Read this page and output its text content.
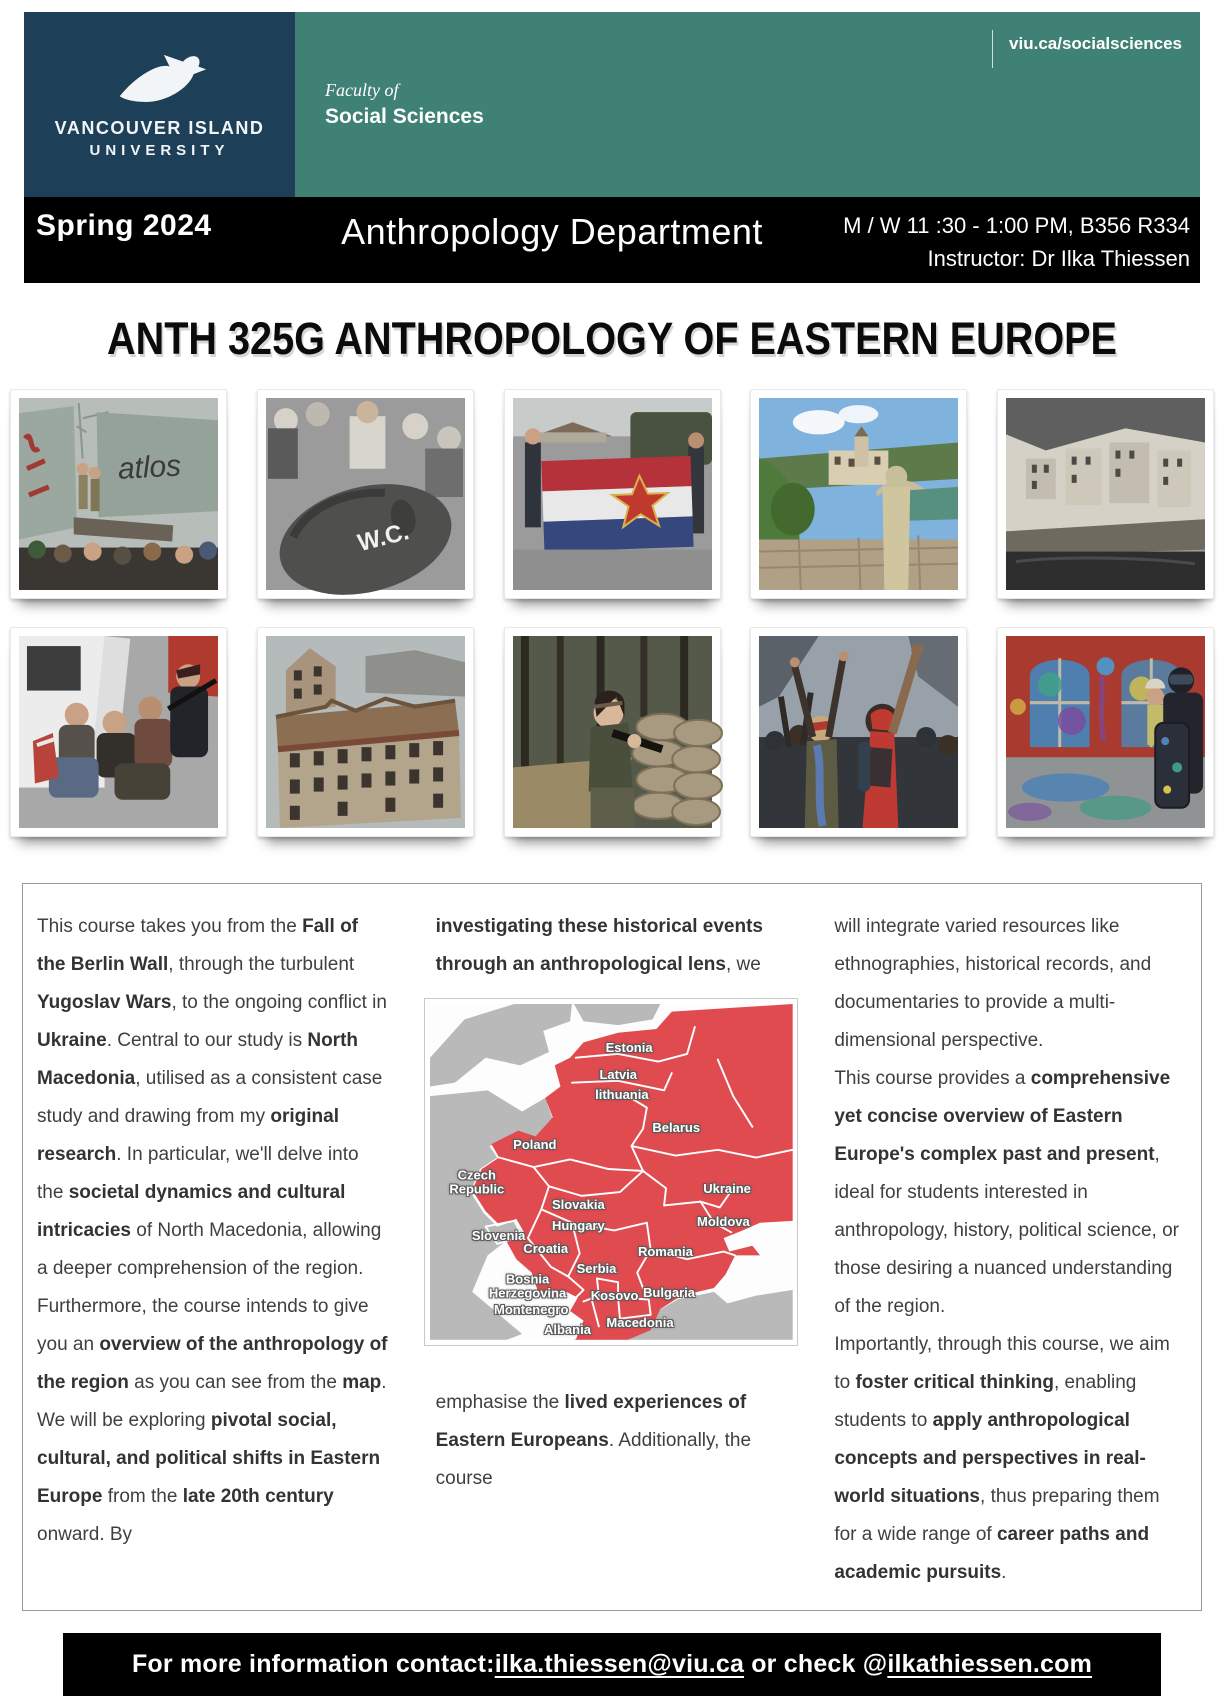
VANCOUVER ISLAND
UNIVERSITY
Faculty of
Social Sciences
viu.ca/socialsciences
Spring 2024	Anthropology Department	M / W 11 :30 - 1:00 PM, B356 R334
Instructor: Dr Ilka Thiessen
ANTH 325G ANTHROPOLOGY OF EASTERN EUROPE
atlos
W.C.
This course takes you from the Fall of the Berlin Wall, through the turbulent Yugoslav Wars, to the ongoing conflict in Ukraine. Central to our study is North Macedonia, utilised as a consistent case study and drawing from my original research. In particular, we'll delve into the societal dynamics and cultural intricacies of North Macedonia, allowing a deeper comprehension of the region. Furthermore, the course intends to give you an overview of the anthropology of the region as you can see from the map. We will be exploring pivotal social, cultural, and political shifts in Eastern Europe from the late 20th century onward. By
investigating these historical events through an anthropological lens, we
Estonia
Latvia
lithuania
Belarus
Poland
Czech
Republic
Slovakia
Hungary
Ukraine
Moldova
Slovenia
Croatia	Romania
Serbia
Bosnia
Herzegovina Kosovo Bulgaria
Montenegro
Macedonia
Albania
emphasise the lived experiences of Eastern Europeans. Additionally, the course

will integrate varied resources like ethnographies, historical records, and documentaries to provide a multi-dimensional perspective.

This course provides a comprehensive yet concise overview of Eastern Europe's complex past and present, ideal for students interested in anthropology, history, political science, or those desiring a nuanced understanding of the region.

Importantly, through this course, we aim to foster critical thinking, enabling students to apply anthropological concepts and perspectives in real-world situations, thus preparing them for a wide range of career paths and academic pursuits.

For more information contact: ilka.thiessen@viu.ca or check @ ilkathiessen.com
